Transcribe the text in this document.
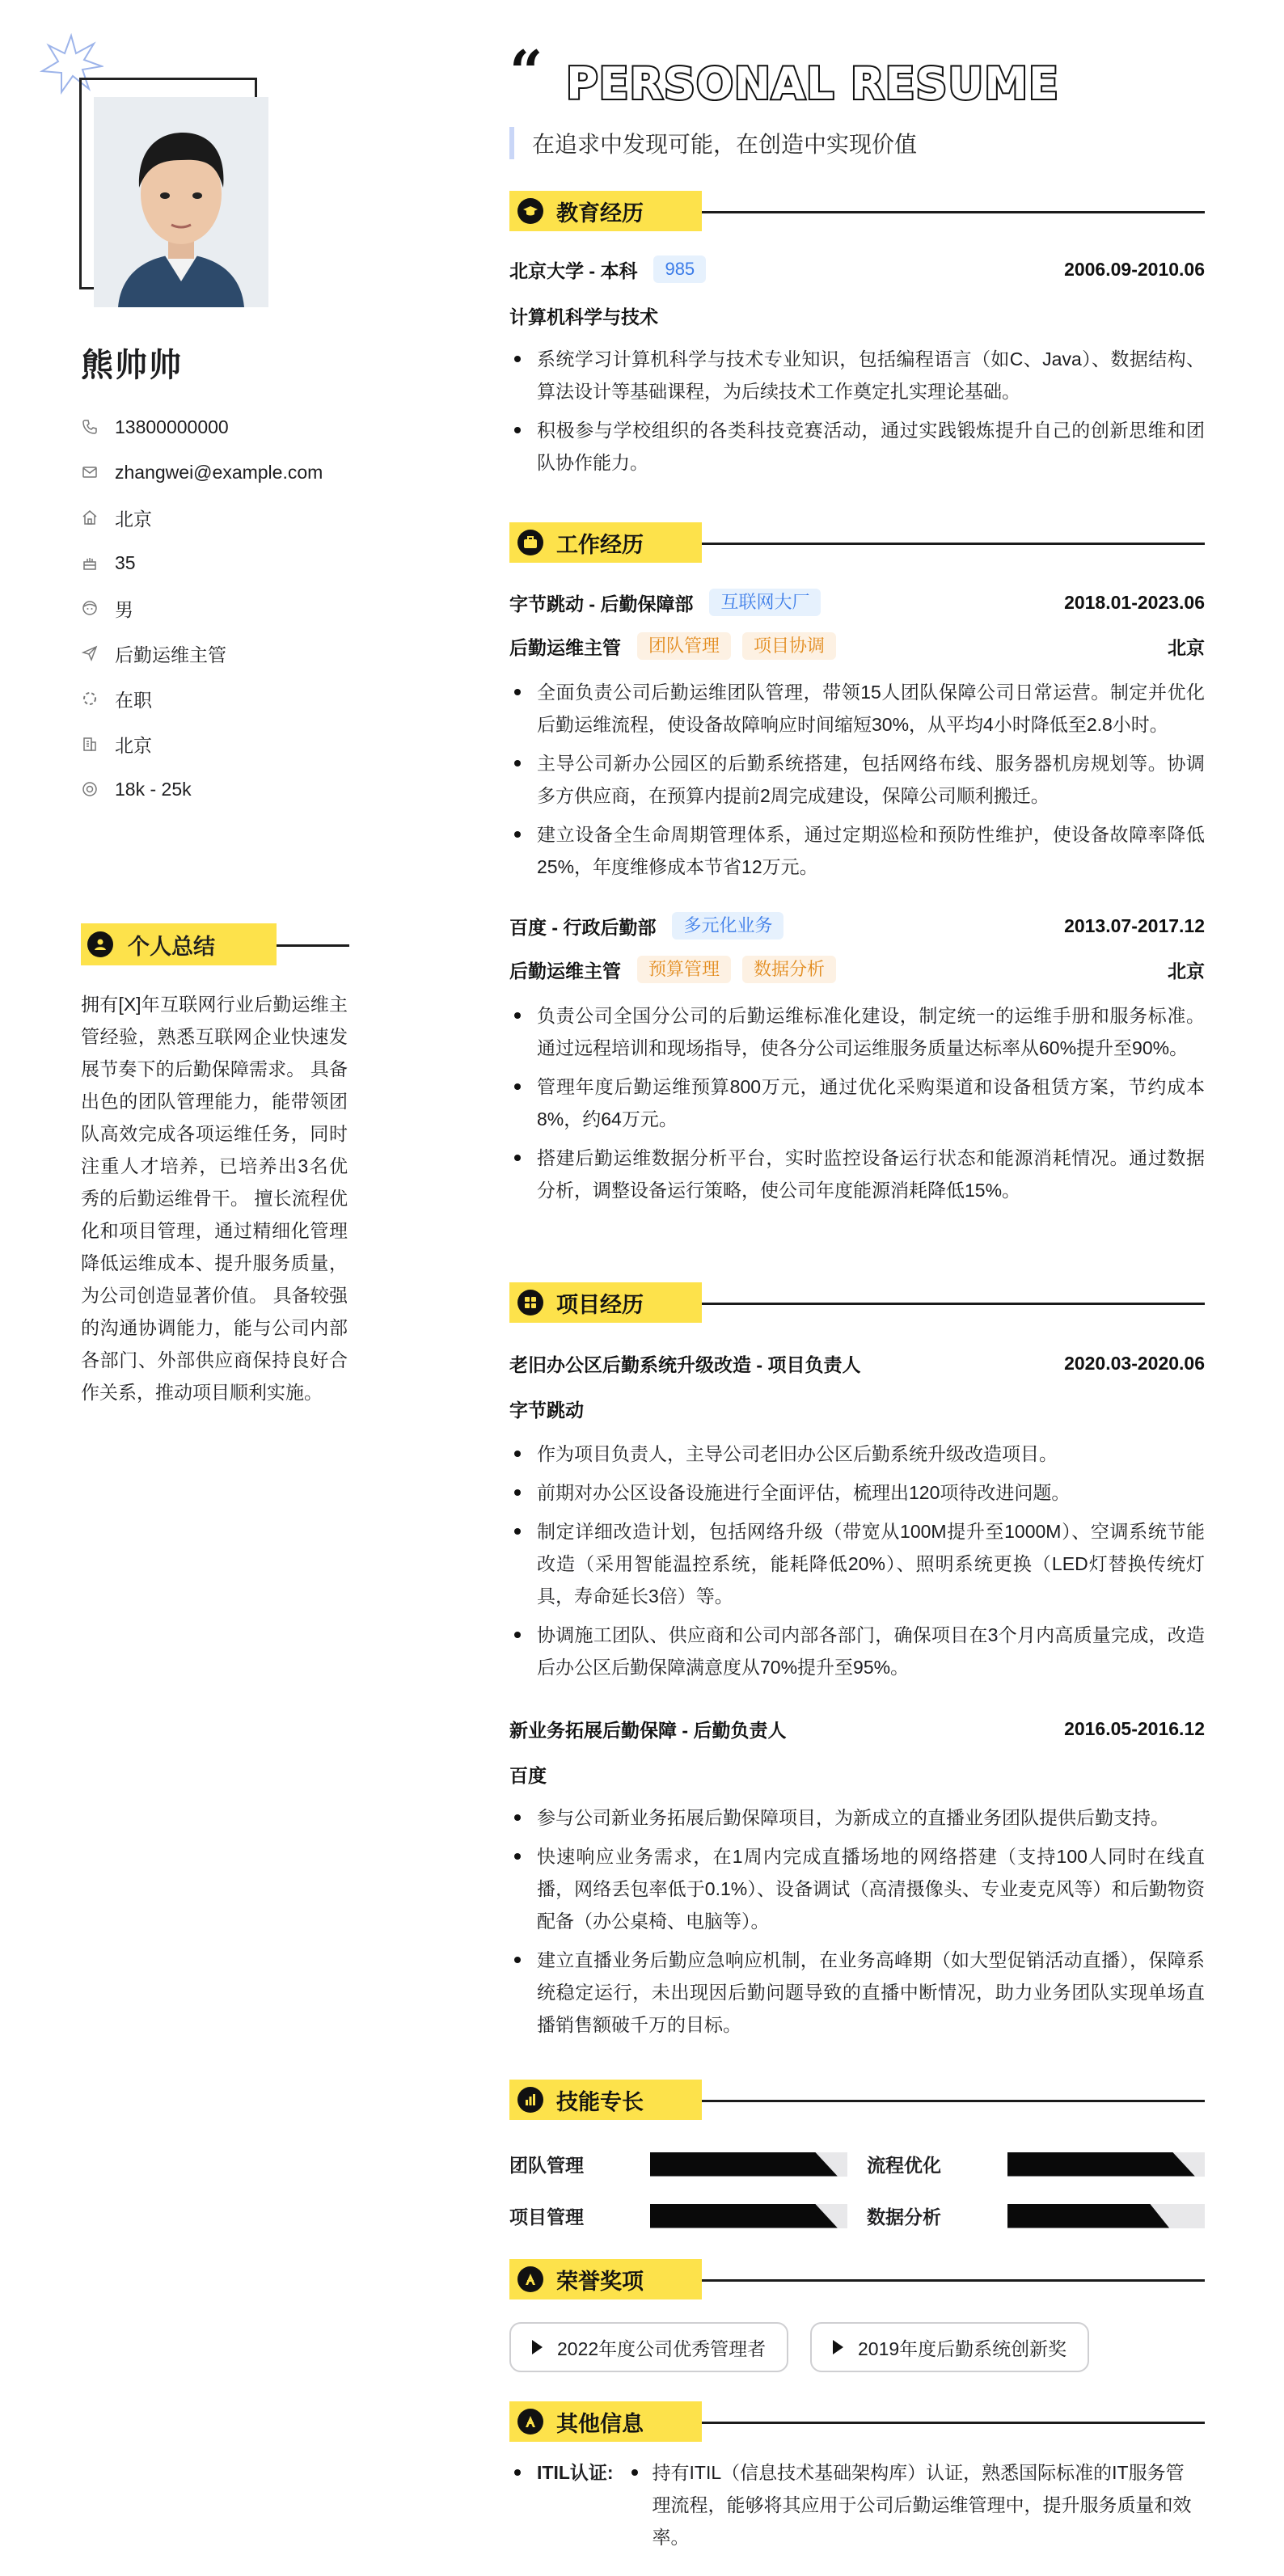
熊帅帅
13800000000
zhangwei@example.com
北京
35
男
后勤运维主管
在职
北京
18k - 25k
个人总结

拥有[X]年互联网行业后勤运维主管经验，熟悉互联网企业快速发展节奏下的后勤保障需求。 具备出色的团队管理能力，能带领团队高效完成各项运维任务，同时注重人才培养，已培养出3名优秀的后勤运维骨干。 擅长流程优化和项目管理，通过精细化管理降低运维成本、提升服务质量，为公司创造显著价值。 具备较强的沟通协调能力，能与公司内部各部门、外部供应商保持良好合作关系，推动项目顺利实施。

“ PERSONAL RESUME
在追求中发现可能，在创造中实现价值
教育经历
北京大学 - 本科	985	2006.09-2010.06
计算机科学与技术
系统学习计算机科学与技术专业知识，包括编程语言（如C、Java）、数据结构、算法设计等基础课程，为后续技术工作奠定扎实理论基础。
积极参与学校组织的各类科技竞赛活动，通过实践锻炼提升自己的创新思维和团队协作能力。
工作经历
字节跳动 - 后勤保障部	互联网大厂	2018.01-2023.06
后勤运维主管	团队管理	项目协调	北京
全面负责公司后勤运维团队管理，带领15人团队保障公司日常运营。制定并优化后勤运维流程，使设备故障响应时间缩短30%，从平均4小时降低至2.8小时。
主导公司新办公园区的后勤系统搭建，包括网络布线、服务器机房规划等。协调多方供应商，在预算内提前2周完成建设，保障公司顺利搬迁。
建立设备全生命周期管理体系，通过定期巡检和预防性维护，使设备故障率降低25%，年度维修成本节省12万元。
百度 - 行政后勤部	多元化业务	2013.07-2017.12
后勤运维主管	预算管理	数据分析	北京
负责公司全国分公司的后勤运维标准化建设，制定统一的运维手册和服务标准。通过远程培训和现场指导，使各分公司运维服务质量达标率从60%提升至90%。
管理年度后勤运维预算800万元，通过优化采购渠道和设备租赁方案，节约成本8%，约64万元。
搭建后勤运维数据分析平台，实时监控设备运行状态和能源消耗情况。通过数据分析，调整设备运行策略，使公司年度能源消耗降低15%。
项目经历
老旧办公区后勤系统升级改造 - 项目负责人	2020.03-2020.06
字节跳动
作为项目负责人，主导公司老旧办公区后勤系统升级改造项目。
前期对办公区设备设施进行全面评估，梳理出120项待改进问题。
制定详细改造计划，包括网络升级（带宽从100M提升至1000M）、空调系统节能改造（采用智能温控系统，能耗降低20%）、照明系统更换（LED灯替换传统灯具，寿命延长3倍）等。
协调施工团队、供应商和公司内部各部门，确保项目在3个月内高质量完成，改造后办公区后勤保障满意度从70%提升至95%。
新业务拓展后勤保障 - 后勤负责人	2016.05-2016.12
百度
参与公司新业务拓展后勤保障项目，为新成立的直播业务团队提供后勤支持。
快速响应业务需求，在1周内完成直播场地的网络搭建（支持100人同时在线直播，网络丢包率低于0.1%）、设备调试（高清摄像头、专业麦克风等）和后勤物资配备（办公桌椅、电脑等）。
建立直播业务后勤应急响应机制，在业务高峰期（如大型促销活动直播），保障系统稳定运行，未出现因后勤问题导致的直播中断情况，助力业务团队实现单场直播销售额破千万的目标。
技能专长
团队管理	流程优化
项目管理	数据分析
荣誉奖项
2022年度公司优秀管理者	2019年度后勤系统创新奖
其他信息
ITIL认证:	持有ITIL（信息技术基础架构库）认证，熟悉国际标准的IT服务管理流程，能够将其应用于公司后勤运维管理中，提升服务质量和效率。
